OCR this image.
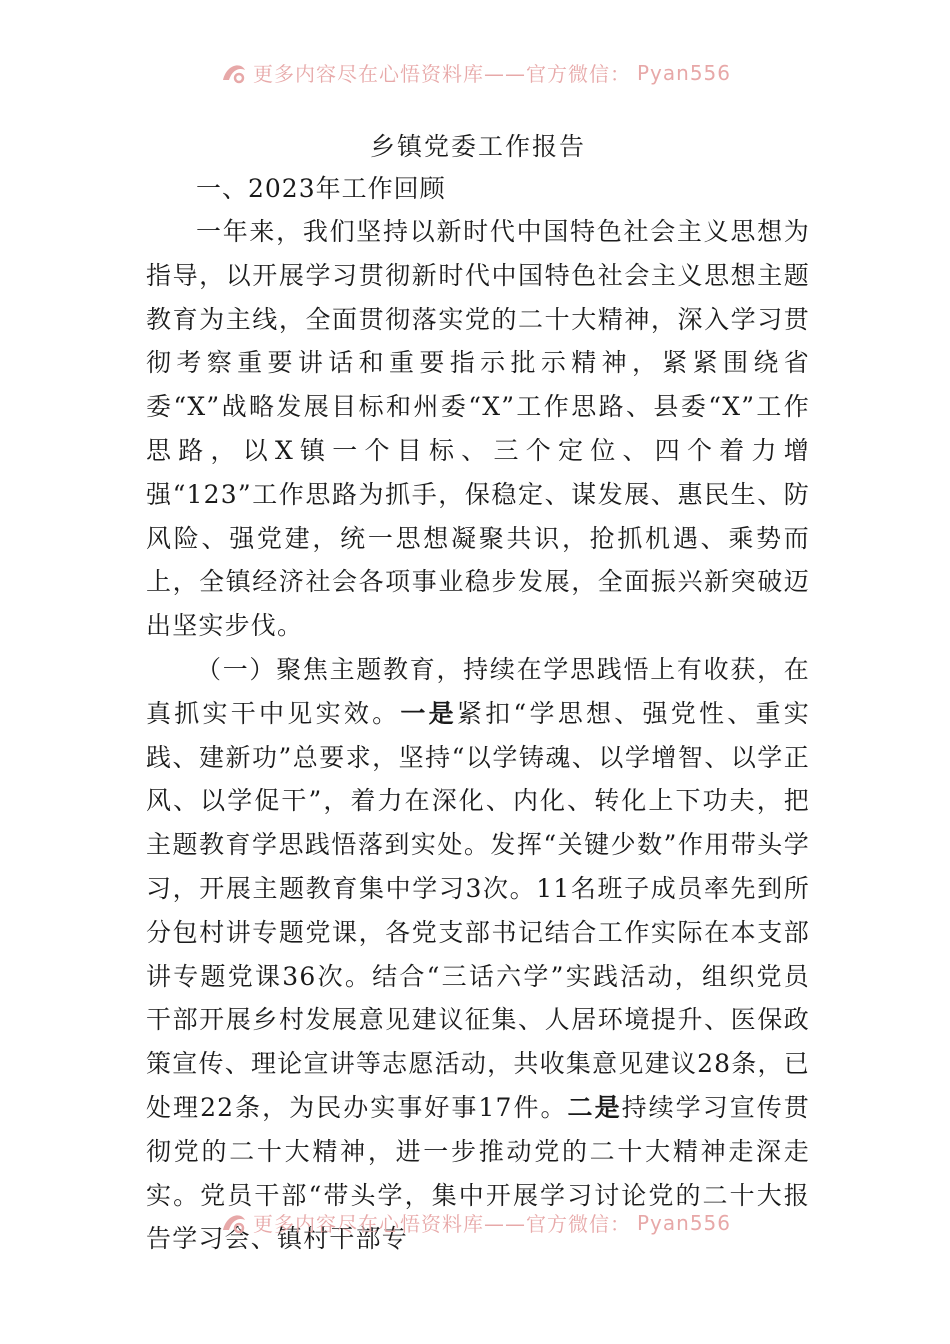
更多内容尽在心悟资料库——官方微信： Pyan556
乡镇党委工作报告
一、2023年工作回顾

一年来，我们坚持以新时代中国特色社会主义思想为指导，以开展学习贯彻新时代中国特色社会主义思想主题教育为主线，全面贯彻落实党的二十大精神，深入学习贯彻考察重要讲话和重要指示批示精神，紧紧围绕省委“X”战略发展目标和州委“X”工作思路、县委“X”工作思路，以X镇一个目标、三个定位、四个着力增强“123”工作思路为抓手，保稳定、谋发展、惠民生、防风险、强党建，统一思想凝聚共识，抢抓机遇、乘势而上，全镇经济社会各项事业稳步发展，全面振兴新突破迈出坚实步伐。

（一）聚焦主题教育，持续在学思践悟上有收获，在真抓实干中见实效。一是紧扣“学思想、强党性、重实践、建新功”总要求，坚持“以学铸魂、以学增智、以学正风、以学促干”，着力在深化、内化、转化上下功夫，把主题教育学思践悟落到实处。发挥“关键少数”作用带头学习，开展主题教育集中学习3次。11名班子成员率先到所分包村讲专题党课，各党支部书记结合工作实际在本支部讲专题党课36次。结合“三话六学”实践活动，组织党员干部开展乡村发展意见建议征集、人居环境提升、医保政策宣传、理论宣讲等志愿活动，共收集意见建议28条，已处理22条，为民办实事好事17件。二是持续学习宣传贯彻党的二十大精神，进一步推动党的二十大精神走深走实。党员干部“带头学，集中开展学习讨论党的二十大报告学习会、镇村干部专

更多内容尽在心悟资料库——官方微信： Pyan556
